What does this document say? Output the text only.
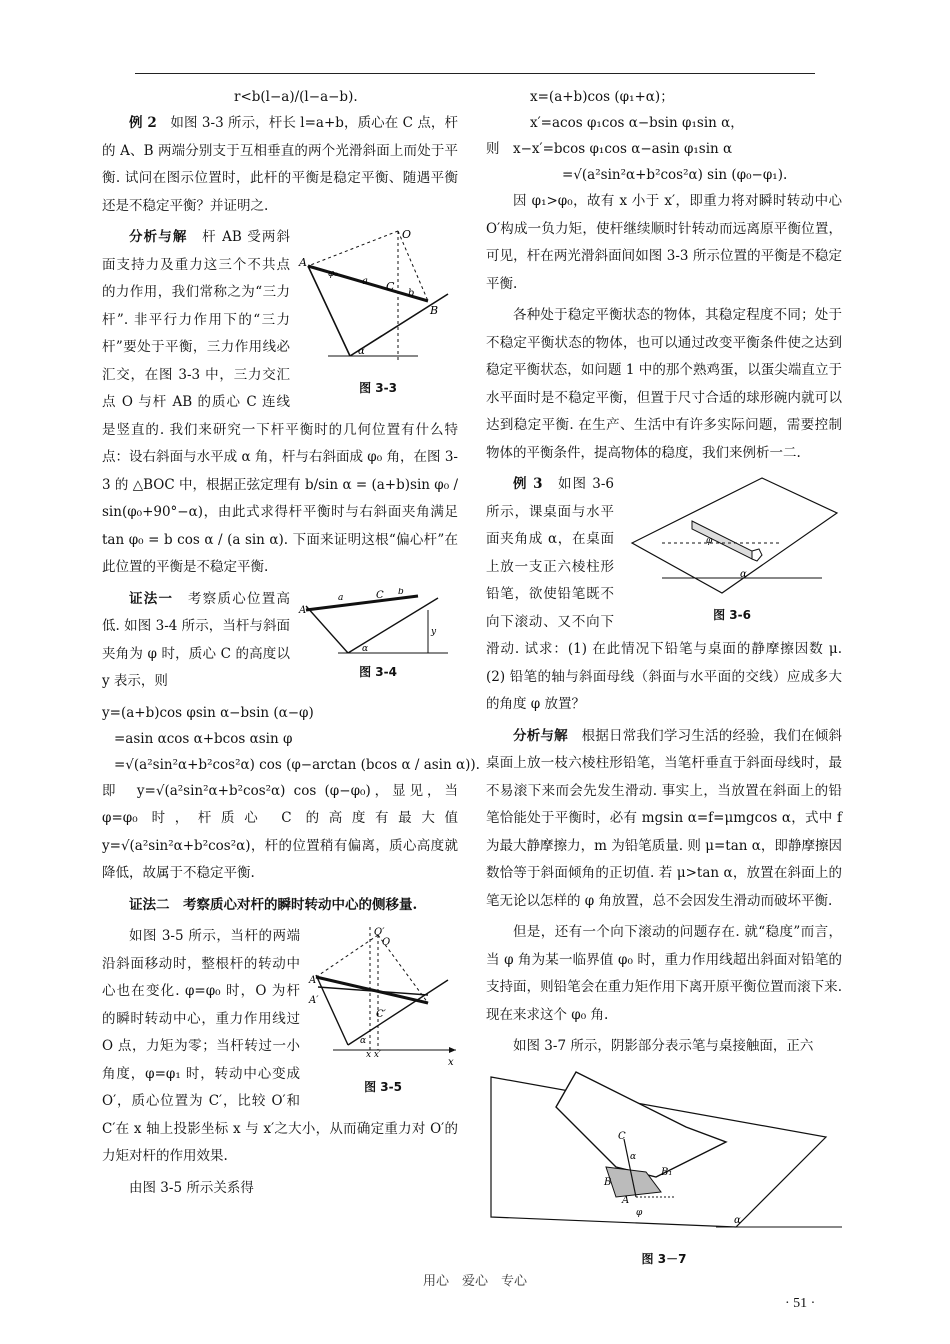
r<b(l−a)/(l−a−b).

例 2　 如图 3-3 所示，杆长 l=a+b，质心在 C 点，杆的 A、B 两端分别支于互相垂直的两个光滑斜面上而处于平衡. 试问在图示位置时，此杆的平衡是稳定平衡、随遇平衡还是不稳定平衡？并证明之.

O
A
B
C
a
b
α
φ₀
图 3-3

分析与解　 杆 AB 受两斜面支持力及重力这三个不共点的力作用，我们常称之为“三力杆”. 非平行力作用下的“三力杆”要处于平衡，三力作用线必汇交，在图 3-3 中，三力交汇点 O 与杆 AB 的质心 C 连线是竖直的. 我们来研究一下杆平衡时的几何位置有什么特点：设右斜面与水平成 α 角，杆与右斜面成 φ₀ 角，在图 3-3 的 △BOC 中，根据正弦定理有 b/sin α = (a+b)sin φ₀ / sin(φ₀+90°−α)，由此式求得杆平衡时与右斜面夹角满足 tan φ₀ = b cos α / (a sin α). 下面来证明这根“偏心杆”在此位置的平衡是不稳定平衡.

A
C
a
b
y
α
图 3-4

证法一　 考察质心位置高低. 如图 3-4 所示，当杆与斜面夹角为 φ 时，质心 C 的高度以 y 表示，则

y=(a+b)cos φsin α−bsin (α−φ)

=asin αcos α+bcos αsin φ

=√(a²sin²α+b²cos²α) cos (φ−arctan (bcos α / asin α)).

即　y=√(a²sin²α+b²cos²α) cos (φ−φ₀)，显见，当 φ=φ₀ 时，杆质心 C 的高度有最大值 y=√(a²sin²α+b²cos²α)，杆的位置稍有偏离，质心高度就降低，故属于不稳定平衡.

证法二　 考察质心对杆的瞬时转动中心的侧移量.

O′
O
A
A′
C′
x x′
x
α
图 3-5

如图 3-5 所示，当杆的两端沿斜面移动时，整根杆的转动中心也在变化. φ=φ₀ 时，O 为杆的瞬时转动中心，重力作用线过 O 点，力矩为零；当杆转过一小角度，φ=φ₁ 时，转动中心变成 O′，质心位置为 C′，比较 O′和 C′在 x 轴上投影坐标 x 与 x′之大小，从而确定重力对 O′的力矩对杆的作用效果.

由图 3-5 所示关系得

x=(a+b)cos (φ₁+α)；

x′=acos φ₁cos α−bsin φ₁sin α，

则　x−x′=bcos φ₁cos α−asin φ₁sin α

=√(a²sin²α+b²cos²α) sin (φ₀−φ₁).

因 φ₁>φ₀，故有 x 小于 x′，即重力将对瞬时转动中心 O′构成一负力矩，使杆继续顺时针转动而远离原平衡位置，可见，杆在两光滑斜面间如图 3-3 所示位置的平衡是不稳定平衡.

各种处于稳定平衡状态的物体，其稳定程度不同；处于不稳定平衡状态的物体，也可以通过改变平衡条件使之达到稳定平衡状态，如问题 1 中的那个熟鸡蛋，以蛋尖端直立于水平面时是不稳定平衡，但置于尺寸合适的球形碗内就可以达到稳定平衡. 在生产、生活中有许多实际问题，需要控制物体的平衡条件，提高物体的稳度，我们来例析一二.

α
φ
图 3-6

例 3　 如图 3-6 所示，课桌面与水平面夹角成 α，在桌面上放一支正六棱柱形铅笔，欲使铅笔既不向下滚动、又不向下滑动. 试求：(1) 在此情况下铅笔与桌面的静摩擦因数 μ. (2) 铅笔的轴与斜面母线（斜面与水平面的交线）应成多大的角度 φ 放置？

分析与解　 根据日常我们学习生活的经验，我们在倾斜桌面上放一枝六棱柱形铅笔，当笔杆垂直于斜面母线时，最不易滚下来而会先发生滑动. 事实上，当放置在斜面上的铅笔恰能处于平衡时，必有 mgsin α=f=μmgcos α，式中 f 为最大静摩擦力，m 为铅笔质量. 则 μ=tan α，即静摩擦因数恰等于斜面倾角的正切值. 若 μ>tan α，放置在斜面上的笔无论以怎样的 φ 角放置，总不会因发生滑动而破坏平衡.

但是，还有一个向下滚动的问题存在. 就“稳度”而言，当 φ 角为某一临界值 φ₀ 时，重力作用线超出斜面对铅笔的支持面，则铅笔会在重力矩作用下离开原平衡位置而滚下来. 现在来求这个 φ₀ 角.

如图 3-7 所示，阴影部分表示笔与桌接触面，正六

C
B
A
B₁
α
φ
α
图 3－7
用心　爱心　专心
· 51 ·
